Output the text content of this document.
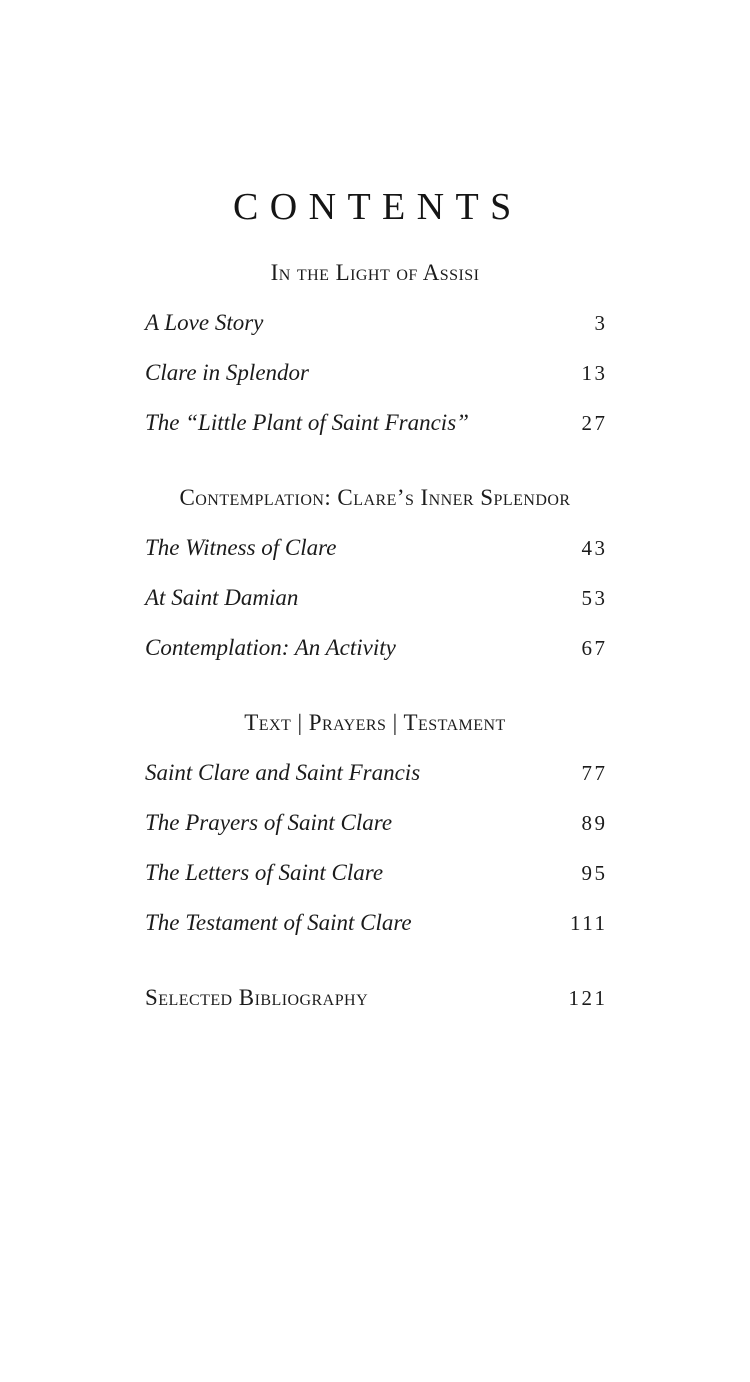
CONTENTS
In the Light of Assisi
A Love Story	3
Clare in Splendor	13
The “Little Plant of Saint Francis”	27
Contemplation: Clare’s Inner Splendor
The Witness of Clare	43
At Saint Damian	53
Contemplation: An Activity	67
Text | Prayers | Testament
Saint Clare and Saint Francis	77
The Prayers of Saint Clare	89
The Letters of Saint Clare	95
The Testament of Saint Clare	111
Selected Bibliography	121
